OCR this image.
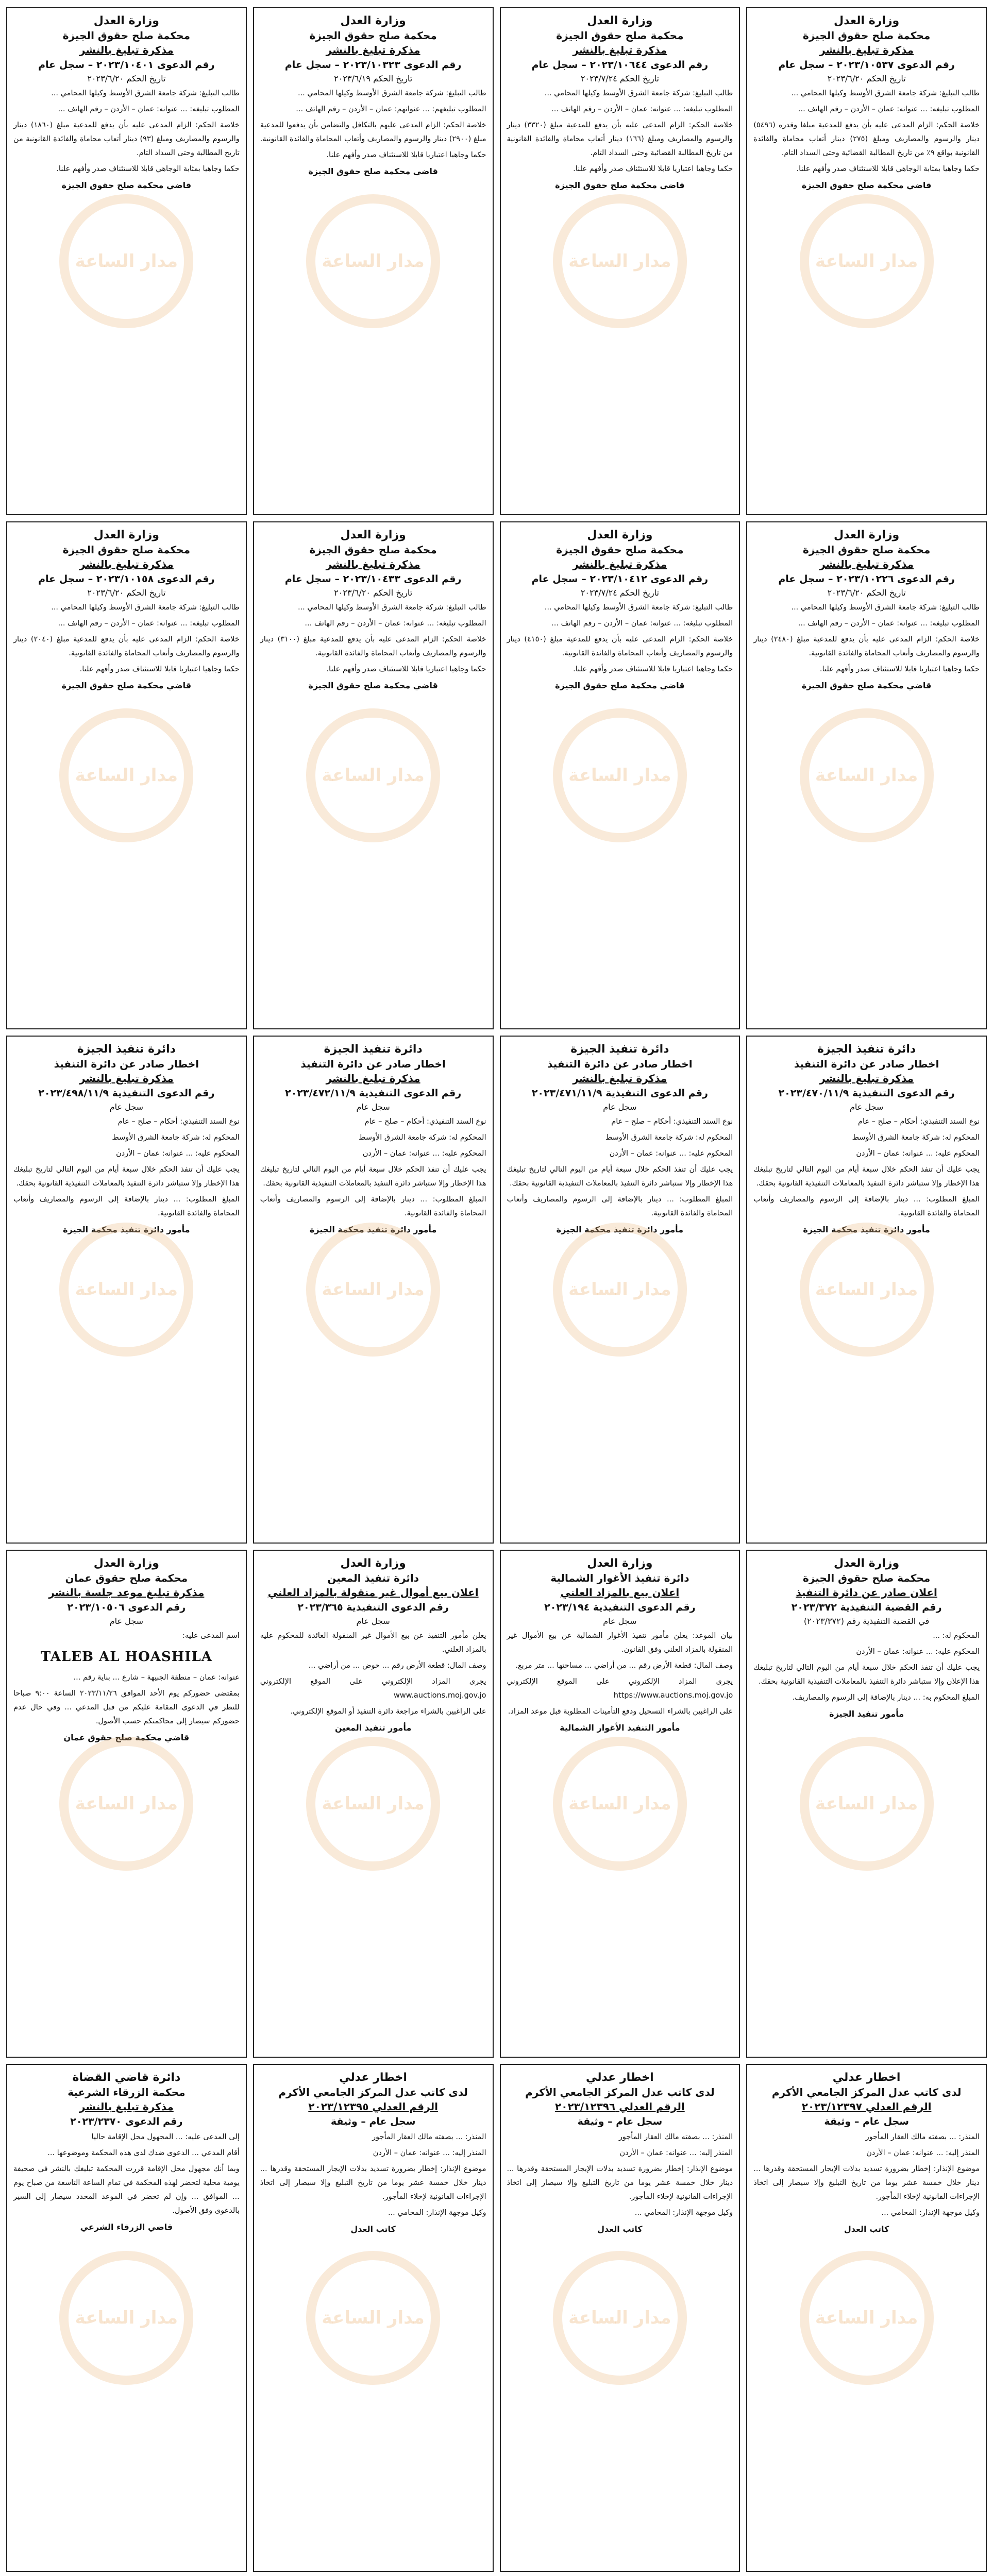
مدار الساعة
وزارة العدل
محكمة صلح حقوق الجيزة
مذكرة تبليغ بالنشر
رقم الدعوى ٢٠٢٣/١٠٥٣٧ – سجل عام
تاريخ الحكم ٢٠٢٣/٦/٢٠

طالب التبليغ: شركة جامعة الشرق الأوسط وكيلها المحامي ...

المطلوب تبليغه: ... عنوانه: عمان – الأردن – رقم الهاتف ...

خلاصة الحكم: الزام المدعى عليه بأن يدفع للمدعية مبلغا وقدره (٥٤٩٦) دينار والرسوم والمصاريف ومبلغ (٢٧٥) دينار أتعاب محاماة والفائدة القانونية بواقع ٩٪ من تاريخ المطالبة القضائية وحتى السداد التام.

حكما وجاهيا بمثابة الوجاهي قابلا للاستئناف صدر وأفهم علنا.

قاضي محكمة صلح حقوق الجيزة
مدار الساعة
وزارة العدل
محكمة صلح حقوق الجيزة
مذكرة تبليغ بالنشر
رقم الدعوى ٢٠٢٣/١٠٦٤٤ – سجل عام
تاريخ الحكم ٢٠٢٣/٧/٢٤

طالب التبليغ: شركة جامعة الشرق الأوسط وكيلها المحامي ...

المطلوب تبليغه: ... عنوانه: عمان – الأردن – رقم الهاتف ...

خلاصة الحكم: الزام المدعى عليه بأن يدفع للمدعية مبلغ (٣٣٢٠) دينار والرسوم والمصاريف ومبلغ (١٦٦) دينار أتعاب محاماة والفائدة القانونية من تاريخ المطالبة القضائية وحتى السداد التام.

حكما وجاهيا اعتباريا قابلا للاستئناف صدر وأفهم علنا.

قاضي محكمة صلح حقوق الجيزة
مدار الساعة
وزارة العدل
محكمة صلح حقوق الجيزة
مذكرة تبليغ بالنشر
رقم الدعوى ٢٠٢٣/١٠٣٢٣ – سجل عام
تاريخ الحكم ٢٠٢٣/٦/١٩

طالب التبليغ: شركة جامعة الشرق الأوسط وكيلها المحامي ...

المطلوب تبليغهم: ... عنوانهم: عمان – الأردن – رقم الهاتف ...

خلاصة الحكم: الزام المدعى عليهم بالتكافل والتضامن بأن يدفعوا للمدعية مبلغ (٢٩٠٠) دينار والرسوم والمصاريف وأتعاب المحاماة والفائدة القانونية.

حكما وجاهيا اعتباريا قابلا للاستئناف صدر وأفهم علنا.

قاضي محكمة صلح حقوق الجيزة
مدار الساعة
وزارة العدل
محكمة صلح حقوق الجيزة
مذكرة تبليغ بالنشر
رقم الدعوى ٢٠٢٣/١٠٤٠١ – سجل عام
تاريخ الحكم ٢٠٢٣/٦/٢٠

طالب التبليغ: شركة جامعة الشرق الأوسط وكيلها المحامي ...

المطلوب تبليغه: ... عنوانه: عمان – الأردن – رقم الهاتف ...

خلاصة الحكم: الزام المدعى عليه بأن يدفع للمدعية مبلغ (١٨٦٠) دينار والرسوم والمصاريف ومبلغ (٩٣) دينار أتعاب محاماة والفائدة القانونية من تاريخ المطالبة وحتى السداد التام.

حكما وجاهيا بمثابة الوجاهي قابلا للاستئناف صدر وأفهم علنا.

قاضي محكمة صلح حقوق الجيزة
مدار الساعة
وزارة العدل
محكمة صلح حقوق الجيزة
مذكرة تبليغ بالنشر
رقم الدعوى ٢٠٢٣/١٠٢٢٦ – سجل عام
تاريخ الحكم ٢٠٢٣/٦/٢٠

طالب التبليغ: شركة جامعة الشرق الأوسط وكيلها المحامي ...

المطلوب تبليغه: ... عنوانه: عمان – الأردن – رقم الهاتف ...

خلاصة الحكم: الزام المدعى عليه بأن يدفع للمدعية مبلغ (٢٤٨٠) دينار والرسوم والمصاريف وأتعاب المحاماة والفائدة القانونية.

حكما وجاهيا اعتباريا قابلا للاستئناف صدر وأفهم علنا.

قاضي محكمة صلح حقوق الجيزة
مدار الساعة
وزارة العدل
محكمة صلح حقوق الجيزة
مذكرة تبليغ بالنشر
رقم الدعوى ٢٠٢٣/١٠٤١٢ – سجل عام
تاريخ الحكم ٢٠٢٣/٧/٢٤

طالب التبليغ: شركة جامعة الشرق الأوسط وكيلها المحامي ...

المطلوب تبليغه: ... عنوانه: عمان – الأردن – رقم الهاتف ...

خلاصة الحكم: الزام المدعى عليه بأن يدفع للمدعية مبلغ (٤١٥٠) دينار والرسوم والمصاريف وأتعاب المحاماة والفائدة القانونية.

حكما وجاهيا اعتباريا قابلا للاستئناف صدر وأفهم علنا.

قاضي محكمة صلح حقوق الجيزة
مدار الساعة
وزارة العدل
محكمة صلح حقوق الجيزة
مذكرة تبليغ بالنشر
رقم الدعوى ٢٠٢٣/١٠٤٣٣ – سجل عام
تاريخ الحكم ٢٠٢٣/٦/٢٠

طالب التبليغ: شركة جامعة الشرق الأوسط وكيلها المحامي ...

المطلوب تبليغه: ... عنوانه: عمان – الأردن – رقم الهاتف ...

خلاصة الحكم: الزام المدعى عليه بأن يدفع للمدعية مبلغ (٣١٠٠) دينار والرسوم والمصاريف وأتعاب المحاماة والفائدة القانونية.

حكما وجاهيا اعتباريا قابلا للاستئناف صدر وأفهم علنا.

قاضي محكمة صلح حقوق الجيزة
مدار الساعة
وزارة العدل
محكمة صلح حقوق الجيزة
مذكرة تبليغ بالنشر
رقم الدعوى ٢٠٢٣/١٠١٥٨ – سجل عام
تاريخ الحكم ٢٠٢٣/٦/٢٠

طالب التبليغ: شركة جامعة الشرق الأوسط وكيلها المحامي ...

المطلوب تبليغه: ... عنوانه: عمان – الأردن – رقم الهاتف ...

خلاصة الحكم: الزام المدعى عليه بأن يدفع للمدعية مبلغ (٢٠٤٠) دينار والرسوم والمصاريف وأتعاب المحاماة والفائدة القانونية.

حكما وجاهيا اعتباريا قابلا للاستئناف صدر وأفهم علنا.

قاضي محكمة صلح حقوق الجيزة
مدار الساعة
دائرة تنفيذ الجيزة
اخطار صادر عن دائرة التنفيذ
مذكرة تبليغ بالنشر
رقم الدعوى التنفيذية ٢٠٢٣/٤٧٠/١١/٩
سجل عام

نوع السند التنفيذي: أحكام – صلح – عام

المحكوم له: شركة جامعة الشرق الأوسط

المحكوم عليه: ... عنوانه: عمان – الأردن

يجب عليك أن تنفذ الحكم خلال سبعة أيام من اليوم التالي لتاريخ تبليغك هذا الإخطار وإلا ستباشر دائرة التنفيذ بالمعاملات التنفيذية القانونية بحقك.

المبلغ المطلوب: ... دينار بالإضافة إلى الرسوم والمصاريف وأتعاب المحاماة والفائدة القانونية.

مأمور دائرة تنفيذ محكمة الجيزة
مدار الساعة
دائرة تنفيذ الجيزة
اخطار صادر عن دائرة التنفيذ
مذكرة تبليغ بالنشر
رقم الدعوى التنفيذية ٢٠٢٣/٤٧١/١١/٩
سجل عام

نوع السند التنفيذي: أحكام – صلح – عام

المحكوم له: شركة جامعة الشرق الأوسط

المحكوم عليه: ... عنوانه: عمان – الأردن

يجب عليك أن تنفذ الحكم خلال سبعة أيام من اليوم التالي لتاريخ تبليغك هذا الإخطار وإلا ستباشر دائرة التنفيذ بالمعاملات التنفيذية القانونية بحقك.

المبلغ المطلوب: ... دينار بالإضافة إلى الرسوم والمصاريف وأتعاب المحاماة والفائدة القانونية.

مأمور دائرة تنفيذ محكمة الجيزة
مدار الساعة
دائرة تنفيذ الجيزة
اخطار صادر عن دائرة التنفيذ
مذكرة تبليغ بالنشر
رقم الدعوى التنفيذية ٢٠٢٣/٤٧٢/١١/٩
سجل عام

نوع السند التنفيذي: أحكام – صلح – عام

المحكوم له: شركة جامعة الشرق الأوسط

المحكوم عليه: ... عنوانه: عمان – الأردن

يجب عليك أن تنفذ الحكم خلال سبعة أيام من اليوم التالي لتاريخ تبليغك هذا الإخطار وإلا ستباشر دائرة التنفيذ بالمعاملات التنفيذية القانونية بحقك.

المبلغ المطلوب: ... دينار بالإضافة إلى الرسوم والمصاريف وأتعاب المحاماة والفائدة القانونية.

مأمور دائرة تنفيذ محكمة الجيزة
مدار الساعة
دائرة تنفيذ الجيزة
اخطار صادر عن دائرة التنفيذ
مذكرة تبليغ بالنشر
رقم الدعوى التنفيذية ٢٠٢٣/٤٩٨/١١/٩
سجل عام

نوع السند التنفيذي: أحكام – صلح – عام

المحكوم له: شركة جامعة الشرق الأوسط

المحكوم عليه: ... عنوانه: عمان – الأردن

يجب عليك أن تنفذ الحكم خلال سبعة أيام من اليوم التالي لتاريخ تبليغك هذا الإخطار وإلا ستباشر دائرة التنفيذ بالمعاملات التنفيذية القانونية بحقك.

المبلغ المطلوب: ... دينار بالإضافة إلى الرسوم والمصاريف وأتعاب المحاماة والفائدة القانونية.

مأمور دائرة تنفيذ محكمة الجيزة
مدار الساعة
وزارة العدل
محكمة صلح حقوق الجيزة
اعلان صادر عن دائرة التنفيذ
رقم القضية التنفيذية ٢٠٢٣/٣٧٢
في القضية التنفيذية رقم (٢٠٢٣/٣٧٢)

المحكوم له: ...

المحكوم عليه: ... عنوانه: عمان – الأردن

يجب عليك أن تنفذ الحكم خلال سبعة أيام من اليوم التالي لتاريخ تبليغك هذا الإعلان وإلا ستباشر دائرة التنفيذ بالمعاملات التنفيذية القانونية بحقك.

المبلغ المحكوم به: ... دينار بالإضافة إلى الرسوم والمصاريف.

مأمور تنفيذ الجيزة
مدار الساعة
وزارة العدل
دائرة تنفيذ الأغوار الشمالية
اعلان بيع بالمزاد العلني
رقم الدعوى التنفيذية ٢٠٢٣/١٩٤
سجل عام

بيان الموعد: يعلن مأمور تنفيذ الأغوار الشمالية عن بيع الأموال غير المنقولة بالمزاد العلني وفق القانون.

وصف المال: قطعة الأرض رقم ... من أراضي ... مساحتها ... متر مربع.

يجرى المزاد الإلكتروني على الموقع الإلكتروني https://www.auctions.moj.gov.jo

على الراغبين بالشراء التسجيل ودفع التأمينات المطلوبة قبل موعد المزاد.

مأمور التنفيذ الأغوار الشمالية
مدار الساعة
وزارة العدل
دائرة تنفيذ المعين
اعلان بيع أموال غير منقولة بالمزاد العلني
رقم الدعوى التنفيذية ٢٠٢٣/٣٦٥
سجل عام

يعلن مأمور التنفيذ عن بيع الأموال غير المنقولة العائدة للمحكوم عليه بالمزاد العلني.

وصف المال: قطعة الأرض رقم ... حوض ... من أراضي ...

يجرى المزاد الإلكتروني على الموقع الإلكتروني www.auctions.moj.gov.jo

على الراغبين بالشراء مراجعة دائرة التنفيذ أو الموقع الإلكتروني.

مأمور تنفيذ المعين
مدار الساعة
وزارة العدل
محكمة صلح حقوق عمان
مذكرة تبليغ موعد جلسة بالنشر
رقم الدعوى ٢٠٢٣/١٠٥٠٦
سجل عام

اسم المدعى عليه:

TALEB AL HOASHILA

عنوانه: عمان – منطقة الجبيهة – شارع ... بناية رقم ...

بمقتضى حضوركم يوم الأحد الموافق ٢٠٢٣/١١/٢٦ الساعة ٩:٠٠ صباحا للنظر في الدعوى المقامة عليكم من قبل المدعي ... وفي حال عدم حضوركم سيصار إلى محاكمتكم حسب الأصول.

قاضي محكمة صلح حقوق عمان
مدار الساعة
اخطار عدلي
لدى كاتب عدل المركز الجامعي الأكرم
الرقم العدلي ٢٠٢٣/١٢٣٩٧
سجل عام – وثيقة

المنذر: ... بصفته مالك العقار المأجور

المنذر إليه: ... عنوانه: عمان – الأردن

موضوع الإنذار: إخطار بضرورة تسديد بدلات الإيجار المستحقة وقدرها ... دينار خلال خمسة عشر يوما من تاريخ التبليغ وإلا سيصار إلى اتخاذ الإجراءات القانونية لإخلاء المأجور.

وكيل موجهة الإنذار: المحامي ...

كاتب العدل
مدار الساعة
اخطار عدلي
لدى كاتب عدل المركز الجامعي الأكرم
الرقم العدلي ٢٠٢٣/١٢٣٩٦
سجل عام – وثيقة

المنذر: ... بصفته مالك العقار المأجور

المنذر إليه: ... عنوانه: عمان – الأردن

موضوع الإنذار: إخطار بضرورة تسديد بدلات الإيجار المستحقة وقدرها ... دينار خلال خمسة عشر يوما من تاريخ التبليغ وإلا سيصار إلى اتخاذ الإجراءات القانونية لإخلاء المأجور.

وكيل موجهة الإنذار: المحامي ...

كاتب العدل
مدار الساعة
اخطار عدلي
لدى كاتب عدل المركز الجامعي الأكرم
الرقم العدلي ٢٠٢٣/١٢٣٩٥
سجل عام – وثيقة

المنذر: ... بصفته مالك العقار المأجور

المنذر إليه: ... عنوانه: عمان – الأردن

موضوع الإنذار: إخطار بضرورة تسديد بدلات الإيجار المستحقة وقدرها ... دينار خلال خمسة عشر يوما من تاريخ التبليغ وإلا سيصار إلى اتخاذ الإجراءات القانونية لإخلاء المأجور.

وكيل موجهة الإنذار: المحامي ...

كاتب العدل
مدار الساعة
دائرة قاضي القضاة
محكمة الزرقاء الشرعية
مذكرة تبليغ بالنشر
رقم الدعوى ٢٠٢٣/٢٣٧٠

إلى المدعى عليه: ... المجهول محل الإقامة حاليا

أقام المدعي ... الدعوى ضدك لدى هذه المحكمة وموضوعها ...

وبما أنك مجهول محل الإقامة قررت المحكمة تبليغك بالنشر في صحيفة يومية محلية لتحضر لهذه المحكمة في تمام الساعة التاسعة من صباح يوم ... الموافق ... وإن لم تحضر في الموعد المحدد سيصار إلى السير بالدعوى وفق الأصول.

قاضي الزرقاء الشرعي
